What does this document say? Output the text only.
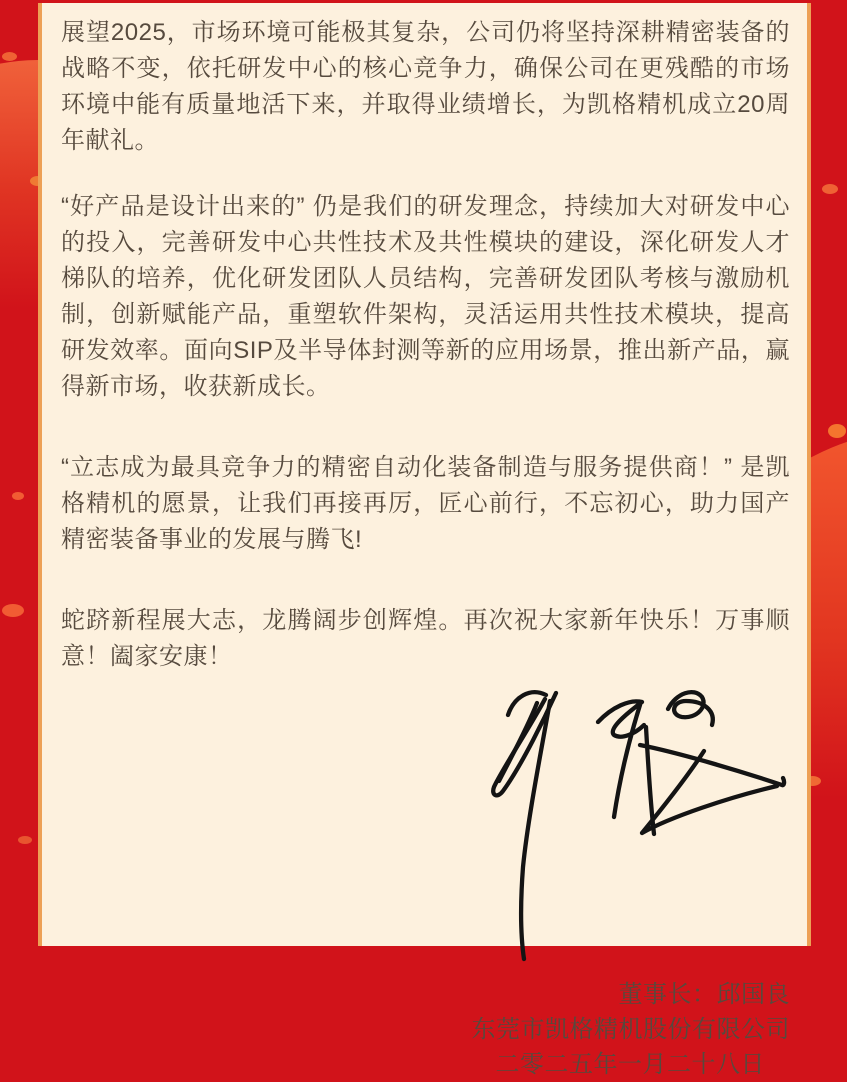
展望2025，市场环境可能极其复杂，公司仍将坚持深耕精密装备的战略不变，依托研发中心的核心竞争力，确保公司在更残酷的市场环境中能有质量地活下来，并取得业绩增长，为凯格精机成立20周年献礼。

“好产品是设计出来的” 仍是我们的研发理念，持续加大对研发中心的投入，完善研发中心共性技术及共性模块的建设，深化研发人才梯队的培养，优化研发团队人员结构，完善研发团队考核与激励机制，创新赋能产品，重塑软件架构，灵活运用共性技术模块，提高研发效率。面向SIP及半导体封测等新的应用场景，推出新产品，赢得新市场，收获新成长。

“立志成为最具竞争力的精密自动化装备制造与服务提供商！” 是凯格精机的愿景，让我们再接再厉，匠心前行，不忘初心，助力国产精密装备事业的发展与腾飞!

蛇跻新程展大志，龙腾阔步创辉煌。再次祝大家新年快乐！万事顺意！阖家安康！

董事长：邱国良
东莞市凯格精机股份有限公司
二零二五年一月二十八日
